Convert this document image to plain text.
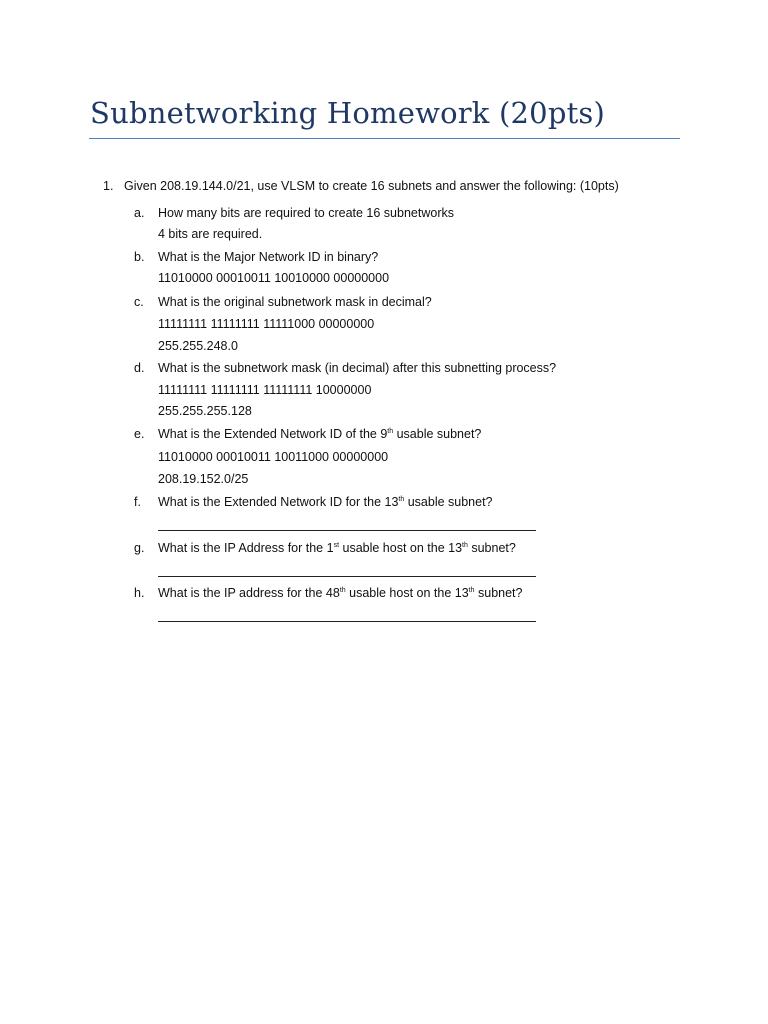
Subnetworking Homework (20pts)
1. Given 208.19.144.0/21, use VLSM to create 16 subnets and answer the following: (10pts)
a. How many bits are required to create 16 subnetworks
4 bits are required.
b. What is the Major Network ID in binary?
11010000 00010011 10010000 00000000
c. What is the original subnetwork mask in decimal?
11111111 11111111 11111000 00000000
255.255.248.0
d. What is the subnetwork mask (in decimal) after this subnetting process?
11111111 11111111 11111111 10000000
255.255.255.128
e. What is the Extended Network ID of the 9th usable subnet?
11010000 00010011 10011000 00000000
208.19.152.0/25
f. What is the Extended Network ID for the 13th usable subnet?
g. What is the IP Address for the 1st usable host on the 13th subnet?
h. What is the IP address for the 48th usable host on the 13th subnet?
